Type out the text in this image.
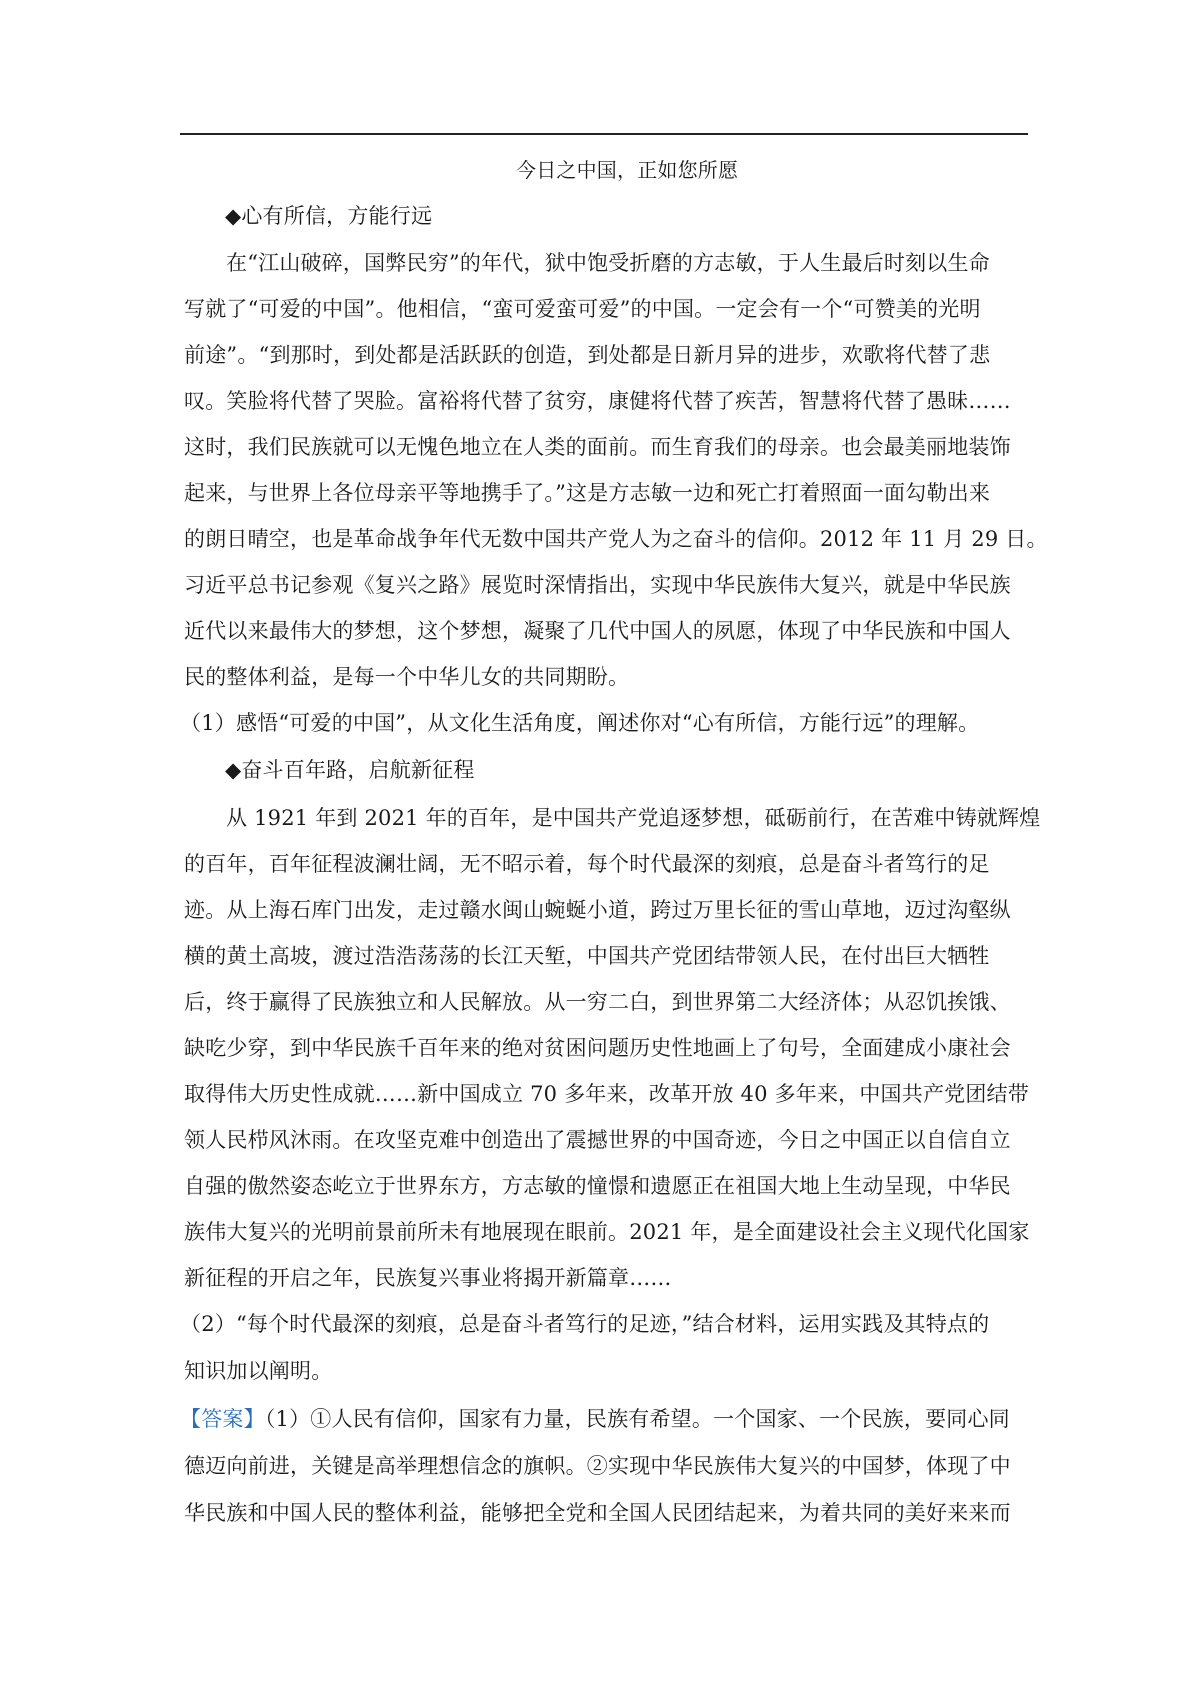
今日之中国，正如您所愿
◆心有所信，方能行远
在“江山破碎，国弊民穷”的年代，狱中饱受折磨的方志敏，于人生最后时刻以生命
写就了“可爱的中国”。他相信，“蛮可爱蛮可爱”的中国。一定会有一个“可赞美的光明
前途”。“到那时，到处都是活跃跃的创造，到处都是日新月异的进步，欢歌将代替了悲
叹。笑脸将代替了哭脸。富裕将代替了贫穷，康健将代替了疾苦，智慧将代替了愚昧……
这时，我们民族就可以无愧色地立在人类的面前。而生育我们的母亲。也会最美丽地装饰
起来，与世界上各位母亲平等地携手了。”这是方志敏一边和死亡打着照面一面勾勒出来
的朗日晴空，也是革命战争年代无数中国共产党人为之奋斗的信仰。2012 年 11 月 29 日。
习近平总书记参观《复兴之路》展览时深情指出，实现中华民族伟大复兴，就是中华民族
近代以来最伟大的梦想，这个梦想，凝聚了几代中国人的夙愿，体现了中华民族和中国人
民的整体利益，是每一个中华儿女的共同期盼。
（1）感悟“可爱的中国”，从文化生活角度，阐述你对“心有所信，方能行远”的理解。
◆奋斗百年路，启航新征程
从 1921 年到 2021 年的百年，是中国共产党追逐梦想，砥砺前行，在苦难中铸就辉煌
的百年，百年征程波澜壮阔，无不昭示着，每个时代最深的刻痕，总是奋斗者笃行的足
迹。从上海石库门出发，走过赣水闽山蜿蜒小道，跨过万里长征的雪山草地，迈过沟壑纵
横的黄土高坡，渡过浩浩荡荡的长江天堑，中国共产党团结带领人民，在付出巨大牺牲
后，终于赢得了民族独立和人民解放。从一穷二白，到世界第二大经济体；从忍饥挨饿、
缺吃少穿，到中华民族千百年来的绝对贫困问题历史性地画上了句号，全面建成小康社会
取得伟大历史性成就……新中国成立 70 多年来，改革开放 40 多年来，中国共产党团结带
领人民栉风沐雨。在攻坚克难中创造出了震撼世界的中国奇迹，今日之中国正以自信自立
自强的傲然姿态屹立于世界东方，方志敏的憧憬和遗愿正在祖国大地上生动呈现，中华民
族伟大复兴的光明前景前所未有地展现在眼前。2021 年，是全面建设社会主义现代化国家
新征程的开启之年，民族复兴事业将揭开新篇章……
（2）“每个时代最深的刻痕，总是奋斗者笃行的足迹，”结合材料，运用实践及其特点的
知识加以阐明。
【答案】（1）①人民有信仰，国家有力量，民族有希望。一个国家、一个民族，要同心同
德迈向前进，关键是高举理想信念的旗帜。②实现中华民族伟大复兴的中国梦，体现了中
华民族和中国人民的整体利益，能够把全党和全国人民团结起来，为着共同的美好来来而
